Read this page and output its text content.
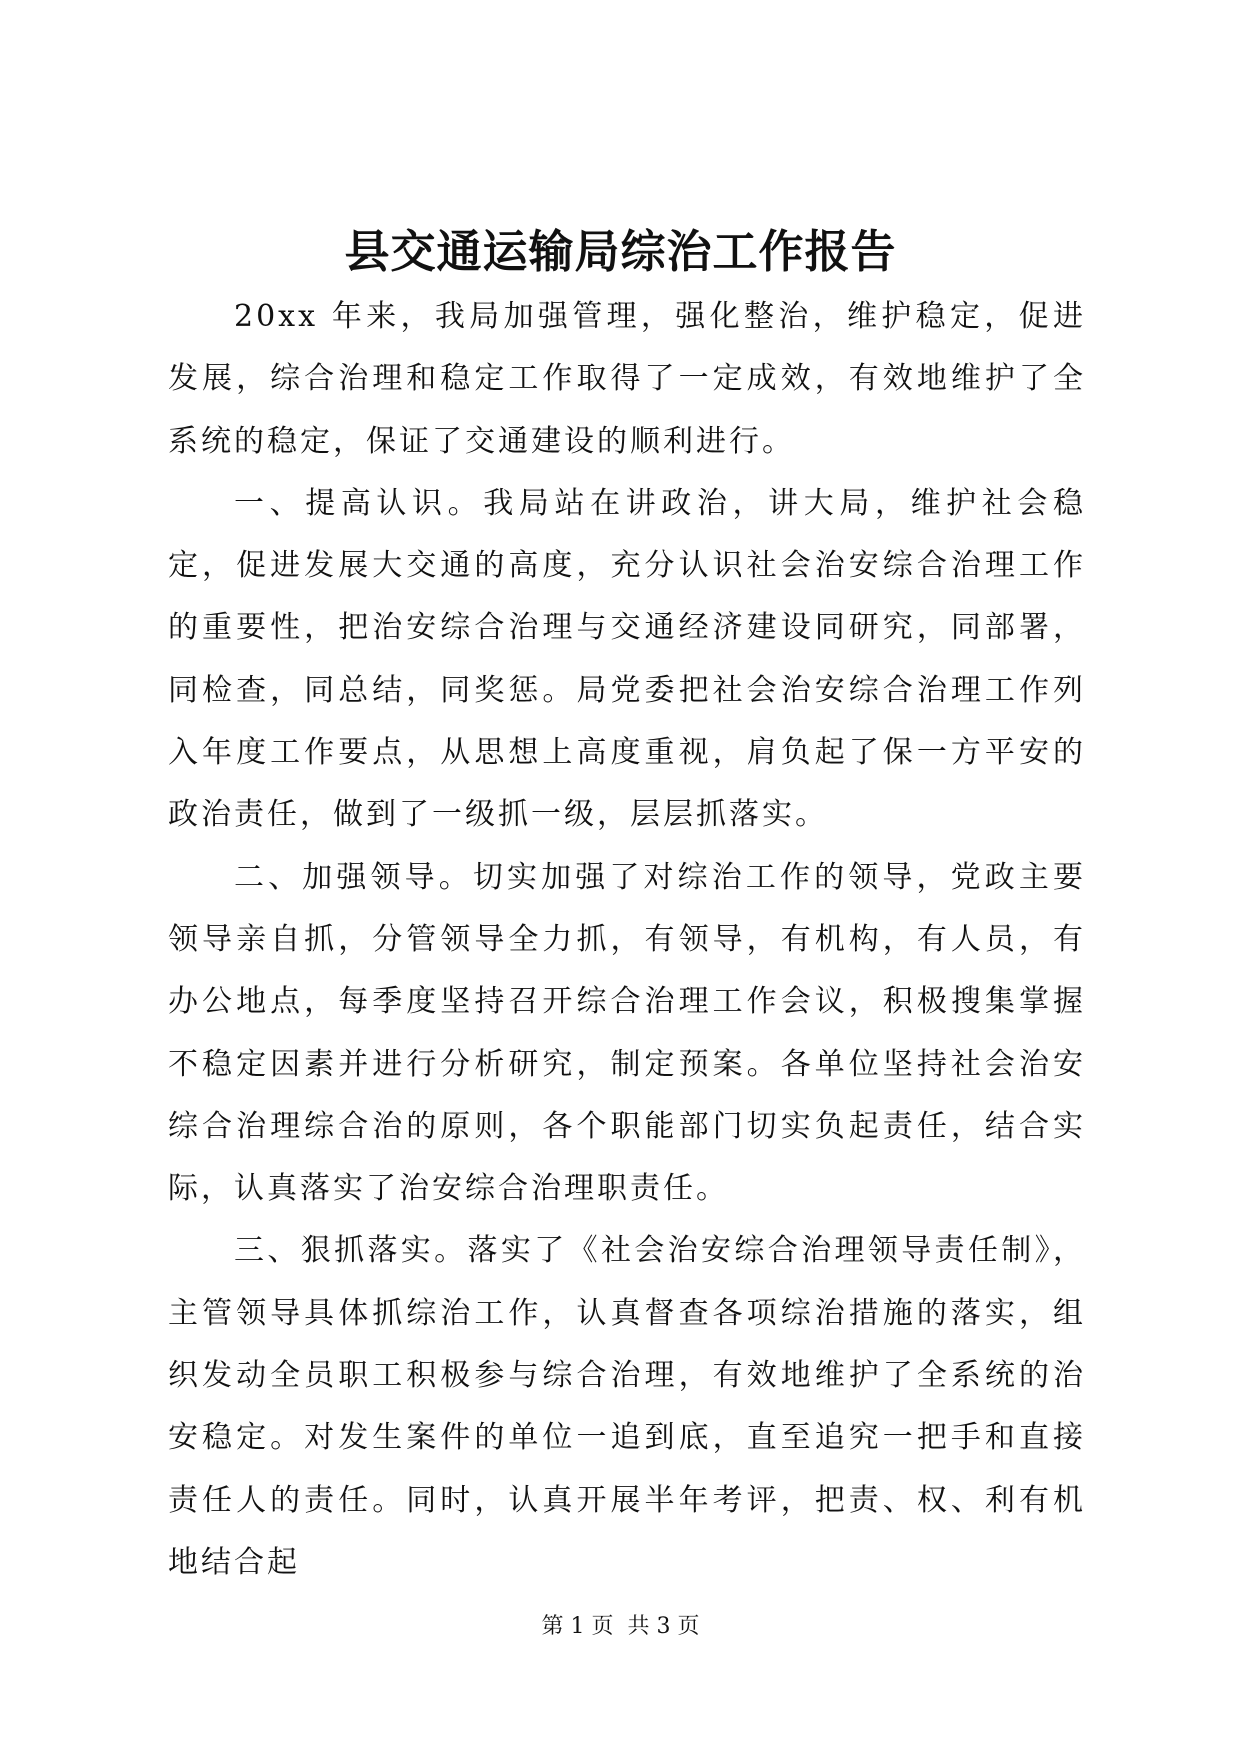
县交通运输局综治工作报告

20xx 年来，我局加强管理，强化整治，维护稳定，促进发展，综合治理和稳定工作取得了一定成效，有效地维护了全系统的稳定，保证了交通建设的顺利进行。

一、提高认识。我局站在讲政治，讲大局，维护社会稳定，促进发展大交通的高度，充分认识社会治安综合治理工作的重要性，把治安综合治理与交通经济建设同研究，同部署，同检查，同总结，同奖惩。局党委把社会治安综合治理工作列入年度工作要点，从思想上高度重视，肩负起了保一方平安的政治责任，做到了一级抓一级，层层抓落实。

二、加强领导。切实加强了对综治工作的领导，党政主要领导亲自抓，分管领导全力抓，有领导，有机构，有人员，有办公地点，每季度坚持召开综合治理工作会议，积极搜集掌握不稳定因素并进行分析研究，制定预案。各单位坚持社会治安综合治理综合治的原则，各个职能部门切实负起责任，结合实际，认真落实了治安综合治理职责任。

三、狠抓落实。落实了《社会治安综合治理领导责任制》，主管领导具体抓综治工作，认真督查各项综治措施的落实，组织发动全员职工积极参与综合治理，有效地维护了全系统的治安稳定。对发生案件的单位一追到底，直至追究一把手和直接责任人的责任。同时，认真开展半年考评，把责、权、利有机地结合起

第 1 页 共 3 页
